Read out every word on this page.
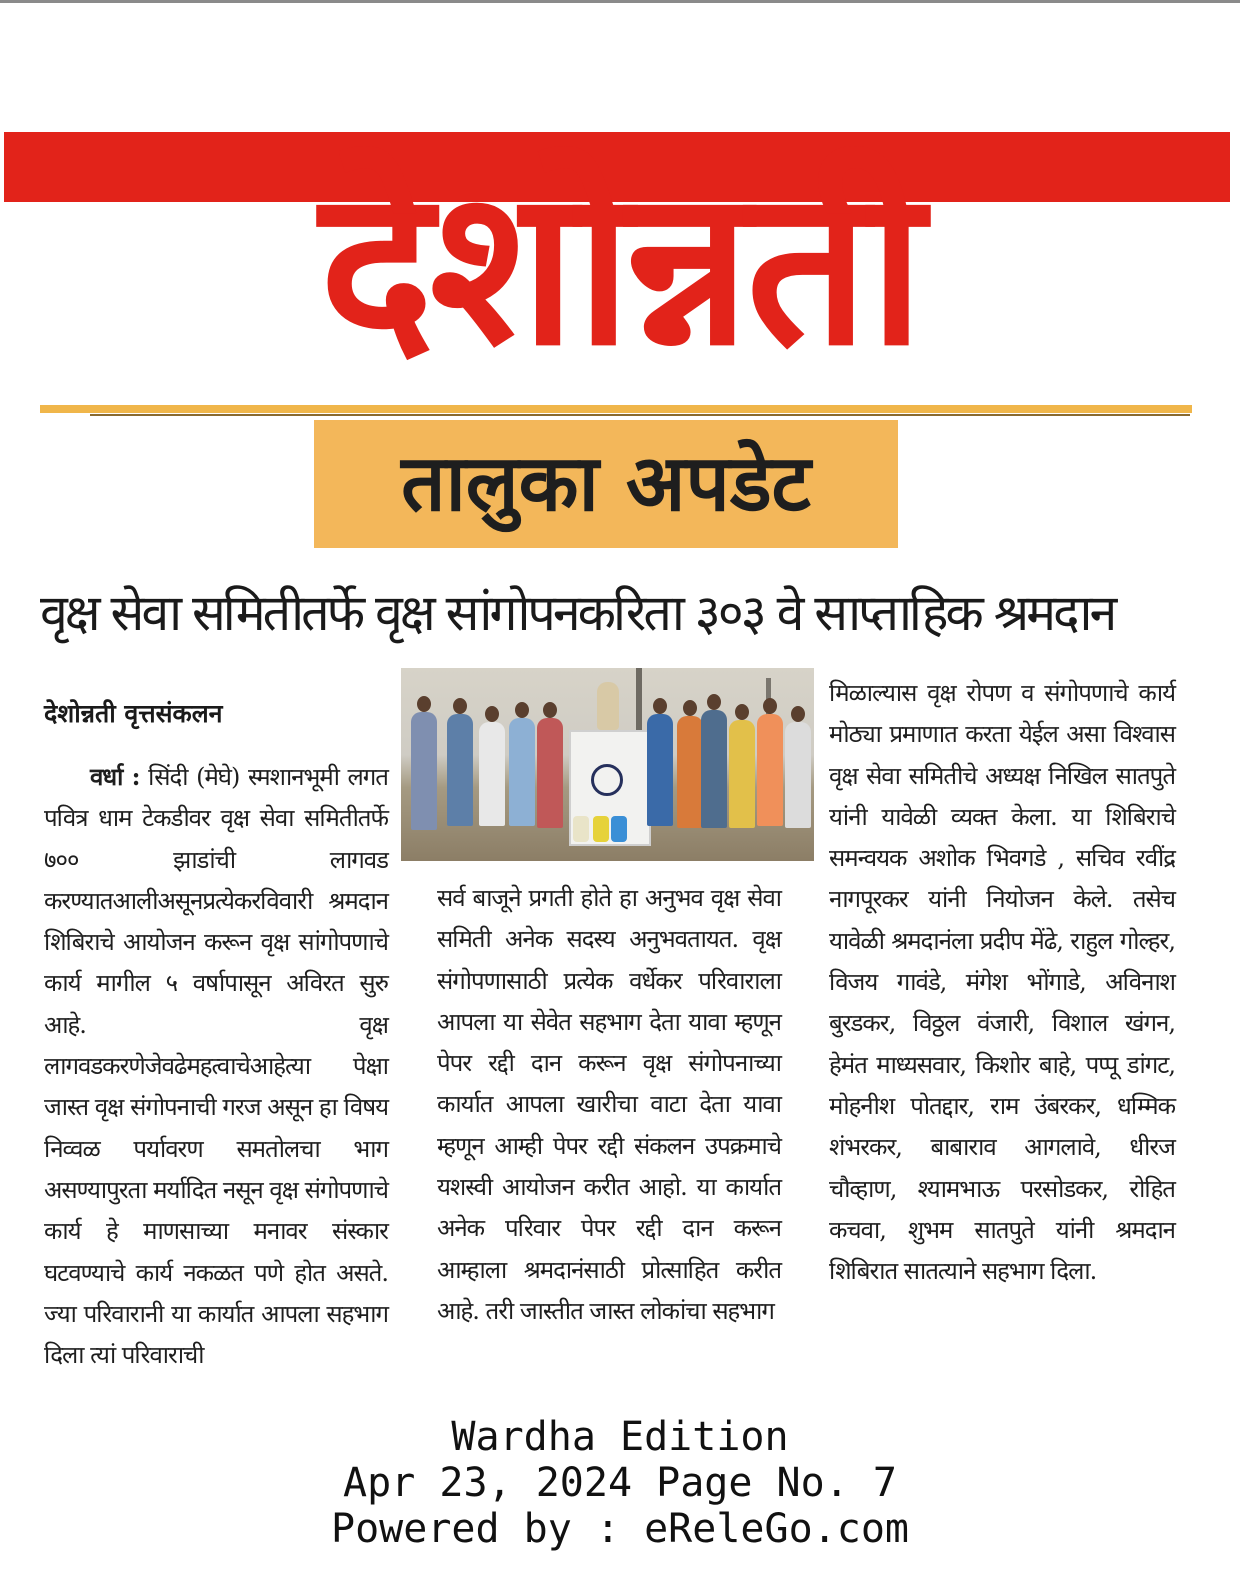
देशोन्नती
तालुका अपडेट
वृक्ष सेवा समितीतर्फे वृक्ष सांगोपनकरिता ३०३ वे साप्ताहिक श्रमदान
देशोन्नती वृत्तसंकलन
वर्धा : सिंदी (मेघे) स्मशानभूमी लगत पवित्र धाम टेकडीवर वृक्ष सेवा समितीतर्फे ७०० झाडांची लागवड करण्यातआलीअसूनप्रत्येकरविवारी श्रमदान शिबिराचे आयोजन करून वृक्ष सांगोपणाचे कार्य मागील ५ वर्षापासून अविरत सुरु आहे. वृक्ष लागवडकरणेजेवढेमहत्वाचेआहेत्या पेक्षा जास्त वृक्ष संगोपनाची गरज असून हा विषय निव्वळ पर्यावरण समतोलचा भाग असण्यापुरता मर्यादित नसून वृक्ष संगोपणाचे कार्य हे माणसाच्या मनावर संस्कार घटवण्याचे कार्य नकळत पणे होत असते. ज्या परिवारानी या कार्यात आपला सहभाग दिला त्यां परिवाराची
सर्व बाजूने प्रगती होते हा अनुभव वृक्ष सेवा समिती अनेक सदस्य अनुभवतायत. वृक्ष संगोपणासाठी प्रत्येक वर्धेकर परिवाराला आपला या सेवेत सहभाग देता यावा म्हणून पेपर रद्दी दान करून वृक्ष संगोपनाच्या कार्यात आपला खारीचा वाटा देता यावा म्हणून आम्ही पेपर रद्दी संकलन उपक्रमाचे यशस्वी आयोजन करीत आहो. या कार्यात अनेक परिवार पेपर रद्दी दान करून आम्हाला श्रमदानंसाठी प्रोत्साहित करीत आहे. तरी जास्तीत जास्त लोकांचा सहभाग
मिळाल्यास वृक्ष रोपण व संगोपणाचे कार्य मोठ्या प्रमाणात करता येईल असा विश्वास वृक्ष सेवा समितीचे अध्यक्ष निखिल सातपुते यांनी यावेळी व्यक्त केला. या शिबिराचे समन्वयक अशोक भिवगडे , सचिव रवींद्र नागपूरकर यांनी नियोजन केले. तसेच यावेळी श्रमदानंला प्रदीप मेंढे, राहुल गोल्हर, विजय गावंडे, मंगेश भोंगाडे, अविनाश बुरडकर, विठ्ठल वंजारी, विशाल खंगन, हेमंत माध्यसवार, किशोर बाहे, पप्पू डांगट, मोहनीश पोतद्दार, राम उंबरकर, धम्मिक शंभरकर, बाबाराव आगलावे, धीरज चौव्हाण, श्यामभाऊ परसोडकर, रोहित कचवा, शुभम सातपुते यांनी श्रमदान शिबिरात सातत्याने सहभाग दिला.
Wardha Edition
Apr 23, 2024 Page No. 7
Powered by : eReleGo.com
